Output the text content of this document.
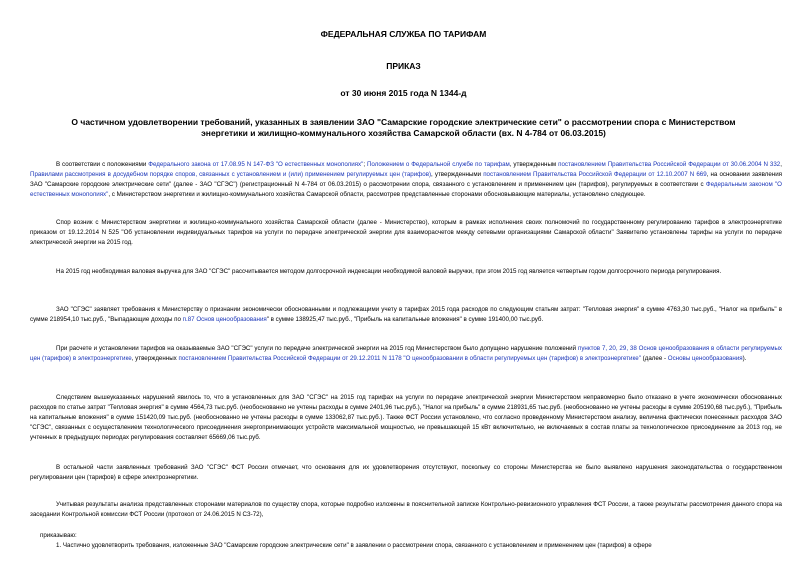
ФЕДЕРАЛЬНАЯ СЛУЖБА ПО ТАРИФАМ
ПРИКАЗ
от 30 июня 2015 года N 1344-д
О частичном удовлетворении требований, указанных в заявлении ЗАО "Самарские городские электрические сети" о рассмотрении спора с Министерством энергетики и жилищно-коммунального хозяйства Самарской области (вх. N 4-784 от 06.03.2015)

В соответствии с положениями Федерального закона от 17.08.95 N 147-ФЗ "О естественных монополиях"; Положением о Федеральной службе по тарифам, утвержденным постановлением Правительства Российской Федерации от 30.06.2004 N 332, Правилами рассмотрения в досудебном порядке споров, связанных с установлением и (или) применением регулируемых цен (тарифов), утвержденными постановлением Правительства Российской Федерации от 12.10.2007 N 669, на основании заявления ЗАО "Самарские городские электрические сети" (далее - ЗАО "СГЭС") (регистрационный N 4-784 от 06.03.2015) о рассмотрении спора, связанного с установлением и применением цен (тарифов), регулируемых в соответствии с Федеральным законом "О естественных монополиях", с Министерством энергетики и жилищно-коммунального хозяйства Самарской области, рассмотрев представленные сторонами обосновывающие материалы, установлено следующее.

Спор возник с Министерством энергетики и жилищно-коммунального хозяйства Самарской области (далее - Министерство), которым в рамках исполнения своих полномочий по государственному регулированию тарифов в электроэнергетике приказом от 19.12.2014 N 525 "Об установлении индивидуальных тарифов на услуги по передаче электрической энергии для взаиморасчетов между сетевыми организациями Самарской области" Заявителю установлены тарифы на услуги по передаче электрической энергии на 2015 год.

На 2015 год необходимая валовая выручка для ЗАО "СГЭС" рассчитывается методом долгосрочной индексации необходимой валовой выручки, при этом 2015 год является четвертым годом долгосрочного периода регулирования.

ЗАО "СГЭС" заявляет требования к Министерству о признании экономически обоснованными и подлежащими учету в тарифах 2015 года расходов по следующим статьям затрат: "Тепловая энергия" в сумме 4763,30 тыс.руб., "Налог на прибыль" в сумме 218954,10 тыс.руб., "Выпадающие доходы по п.87 Основ ценообразования" в сумме 138925,47 тыс.руб., "Прибыль на капитальные вложения" в сумме 191400,00 тыс.руб.

При расчете и установлении тарифов на оказываемые ЗАО "СГЭС" услуги по передаче электрической энергии на 2015 год Министерством было допущено нарушение положений пунктов 7, 20, 29, 38 Основ ценообразования в области регулируемых цен (тарифов) в электроэнергетике, утвержденных постановлением Правительства Российской Федерации от 29.12.2011 N 1178 "О ценообразовании в области регулируемых цен (тарифов) в электроэнергетике" (далее - Основы ценообразования).

Следствием вышеуказанных нарушений явилось то, что в установленных для ЗАО "СГЭС" на 2015 год тарифах на услуги по передаче электрической энергии Министерством неправомерно было отказано в учете экономически обоснованных расходов по статье затрат "Тепловая энергия" в сумме 4564,73 тыс.руб. (необоснованно не учтены расходы в сумме 2401,96 тыс.руб.), "Налог на прибыль" в сумме 218931,65 тыс.руб. (необоснованно не учтены расходы в сумме 205190,68 тыс.руб.), "Прибыль на капитальные вложения" в сумме 151420,09 тыс.руб. (необоснованно не учтены расходы в сумме 133062,87 тыс.руб.). Также ФСТ России установлено, что согласно проведенному Министерством анализу, величина фактически понесенных расходов ЗАО "СГЭС", связанных с осуществлением технологического присоединения энергопринимающих устройств максимальной мощностью, не превышающей 15 кВт включительно, не включаемых в состав платы за технологическое присоединение за 2013 год, не учтенных в предыдущих периодах регулирования составляет 65669,06 тыс.руб.

В остальной части заявленных требований ЗАО "СГЭС" ФСТ России отмечает, что основания для их удовлетворения отсутствуют, поскольку со стороны Министерства не было выявлено нарушения законодательства о государственном регулировании цен (тарифов) в сфере электроэнергетики.

Учитывая результаты анализа представленных сторонами материалов по существу спора, которые подробно изложены в пояснительной записке Контрольно-ревизионного управления ФСТ России, а также результаты рассмотрения данного спора на заседании Контрольной комиссии ФСТ России (протокол от 24.06.2015 N СЗ-72),

приказываю:

1. Частично удовлетворить требования, изложенные ЗАО "Самарские городские электрические сети" в заявлении о рассмотрении спора, связанного с установлением и применением цен (тарифов) в сфере
